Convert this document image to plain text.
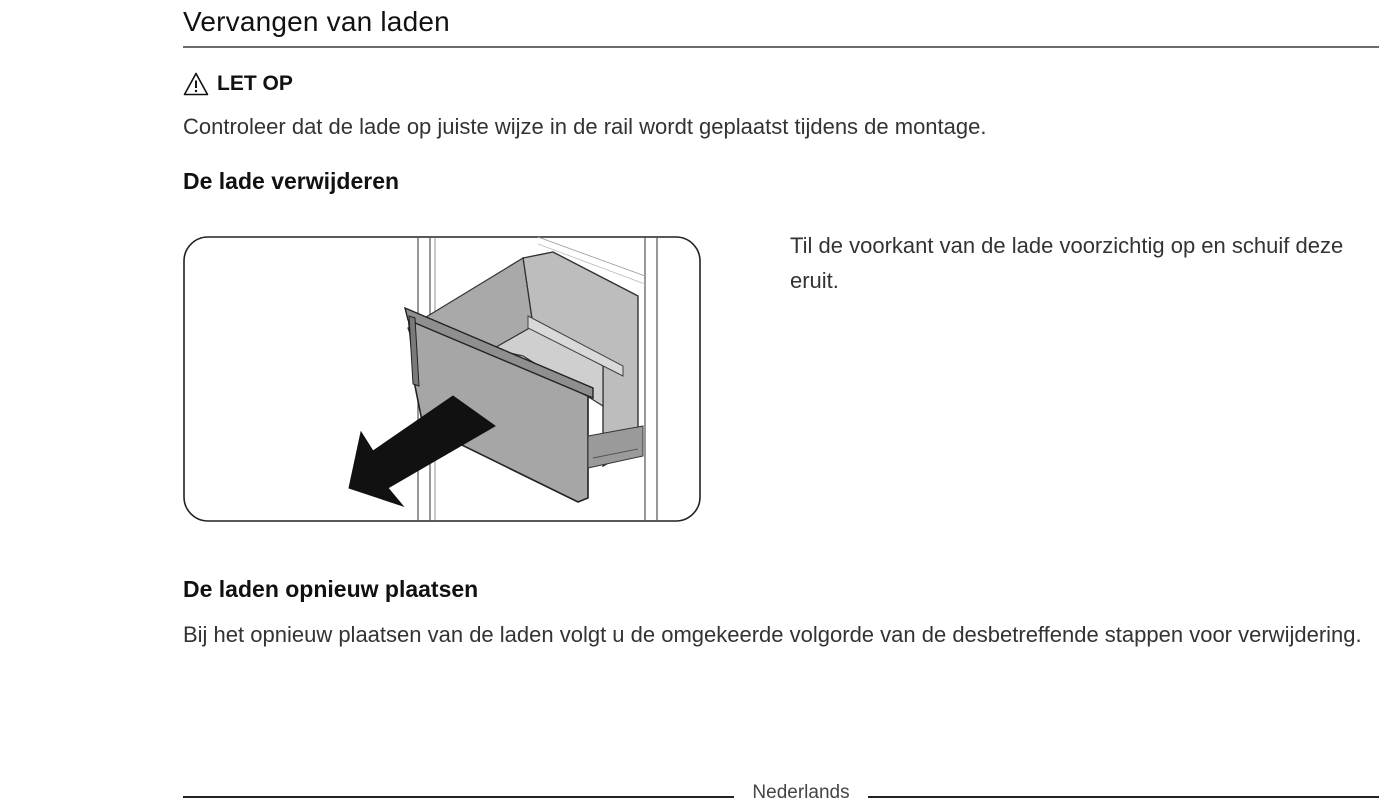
Vervangen van laden
LET OP

Controleer dat de lade op juiste wijze in de rail wordt geplaatst tijdens de montage.

De lade verwijderen

Til de voorkant van de lade voorzichtig op en schuif deze eruit.

De laden opnieuw plaatsen

Bij het opnieuw plaatsen van de laden volgt u de omgekeerde volgorde van de desbetreffende stappen voor verwijdering.

Nederlands
